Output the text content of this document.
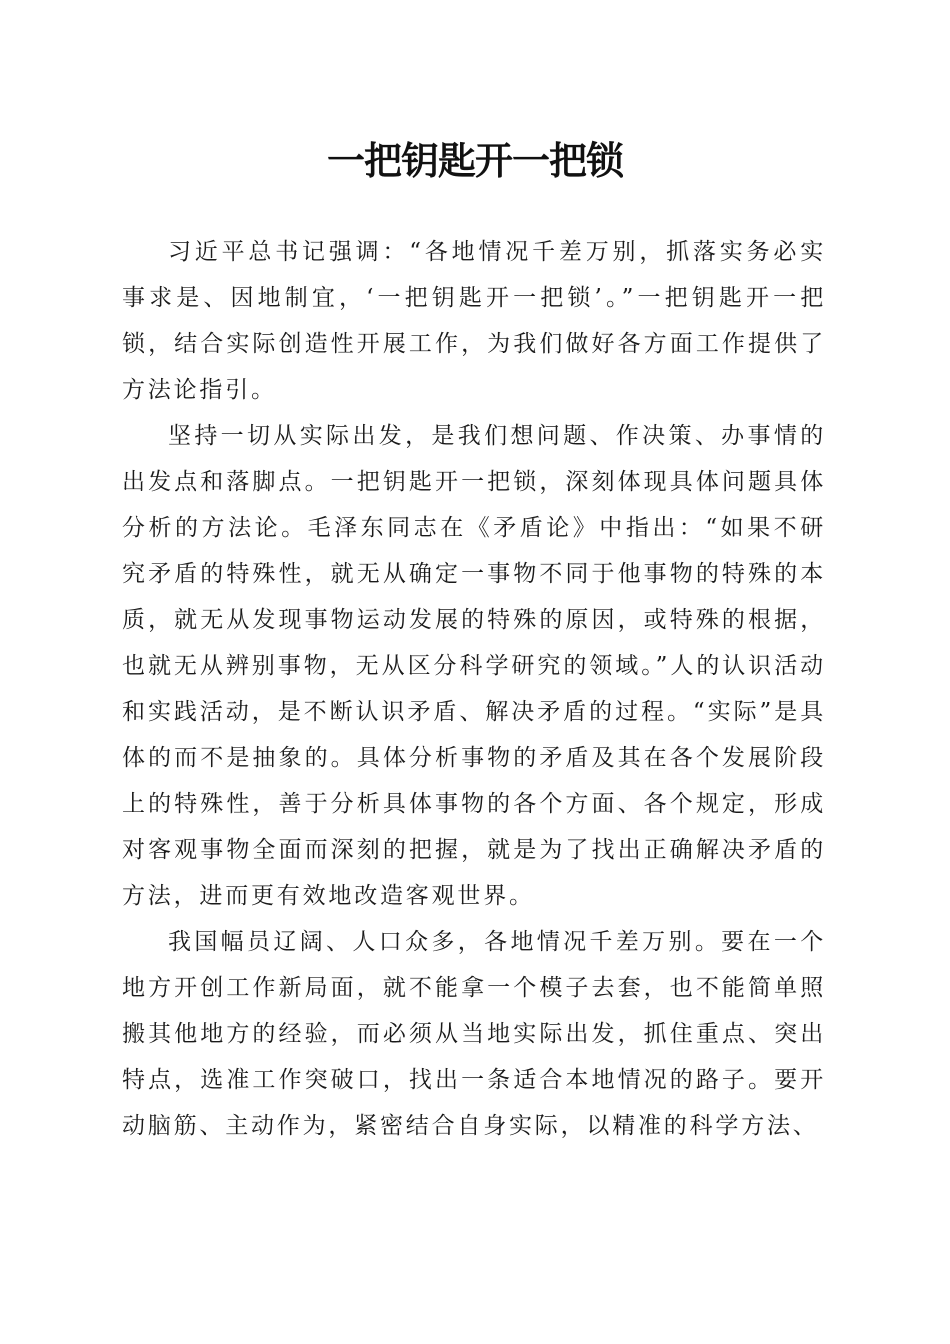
一把钥匙开一把锁

习近平总书记强调：“各地情况千差万别，抓落实务必实事求是、因地制宜，‘一把钥匙开一把锁’。”一把钥匙开一把锁，结合实际创造性开展工作，为我们做好各方面工作提供了方法论指引。

坚持一切从实际出发，是我们想问题、作决策、办事情的出发点和落脚点。一把钥匙开一把锁，深刻体现具体问题具体分析的方法论。毛泽东同志在《矛盾论》中指出：“如果不研究矛盾的特殊性，就无从确定一事物不同于他事物的特殊的本质，就无从发现事物运动发展的特殊的原因，或特殊的根据，也就无从辨别事物，无从区分科学研究的领域。”人的认识活动和实践活动，是不断认识矛盾、解决矛盾的过程。“实际”是具体的而不是抽象的。具体分析事物的矛盾及其在各个发展阶段上的特殊性，善于分析具体事物的各个方面、各个规定，形成对客观事物全面而深刻的把握，就是为了找出正确解决矛盾的方法，进而更有效地改造客观世界。

我国幅员辽阔、人口众多，各地情况千差万别。要在一个地方开创工作新局面，就不能拿一个模子去套，也不能简单照搬其他地方的经验，而必须从当地实际出发，抓住重点、突出特点，选准工作突破口，找出一条适合本地情况的路子。要开动脑筋、主动作为，紧密结合自身实际，以精准的科学方法、
